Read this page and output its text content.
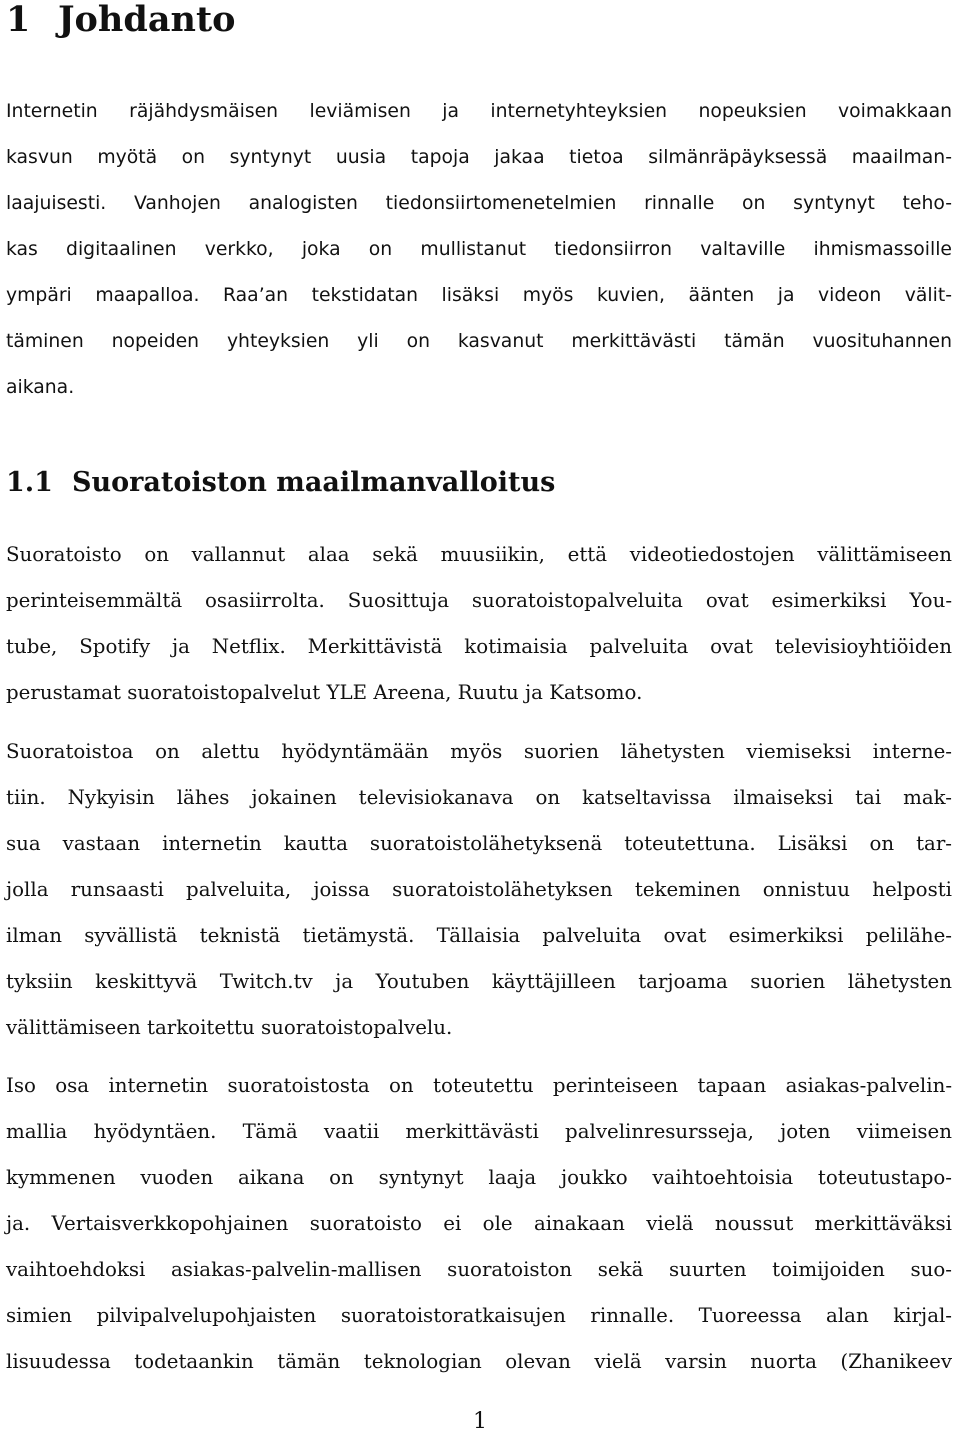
1 Johdanto
Internetin räjähdysmäisen leviämisen ja internetyhteyksien nopeuksien voimakkaan
kasvun myötä on syntynyt uusia tapoja jakaa tietoa silmänräpäyksessä maailman-
laajuisesti. Vanhojen analogisten tiedonsiirtomenetelmien rinnalle on syntynyt teho-
kas digitaalinen verkko, joka on mullistanut tiedonsiirron valtaville ihmismassoille
ympäri maapalloa. Raa’an tekstidatan lisäksi myös kuvien, äänten ja videon välit-
täminen nopeiden yhteyksien yli on kasvanut merkittävästi tämän vuosituhannen
aikana.
1.1 Suoratoiston maailmanvalloitus
Suoratoisto on vallannut alaa sekä muusiikin, että videotiedostojen välittämiseen
perinteisemmältä osasiirrolta. Suosittuja suoratoistopalveluita ovat esimerkiksi You-
tube, Spotify ja Netflix. Merkittävistä kotimaisia palveluita ovat televisioyhtiöiden
perustamat suoratoistopalvelut YLE Areena, Ruutu ja Katsomo.
Suoratoistoa on alettu hyödyntämään myös suorien lähetysten viemiseksi interne-
tiin. Nykyisin lähes jokainen televisiokanava on katseltavissa ilmaiseksi tai mak-
sua vastaan internetin kautta suoratoistolähetyksenä toteutettuna. Lisäksi on tar-
jolla runsaasti palveluita, joissa suoratoistolähetyksen tekeminen onnistuu helposti
ilman syvällistä teknistä tietämystä. Tällaisia palveluita ovat esimerkiksi pelilähe-
tyksiin keskittyvä Twitch.tv ja Youtuben käyttäjilleen tarjoama suorien lähetysten
välittämiseen tarkoitettu suoratoistopalvelu.
Iso osa internetin suoratoistosta on toteutettu perinteiseen tapaan asiakas-palvelin-
mallia hyödyntäen. Tämä vaatii merkittävästi palvelinresursseja, joten viimeisen
kymmenen vuoden aikana on syntynyt laaja joukko vaihtoehtoisia toteutustapo-
ja. Vertaisverkkopohjainen suoratoisto ei ole ainakaan vielä noussut merkittäväksi
vaihtoehdoksi asiakas-palvelin-mallisen suoratoiston sekä suurten toimijoiden suo-
simien pilvipalvelupohjaisten suoratoistoratkaisujen rinnalle. Tuoreessa alan kirjal-
lisuudessa todetaankin tämän teknologian olevan vielä varsin nuorta (Zhanikeev
1
